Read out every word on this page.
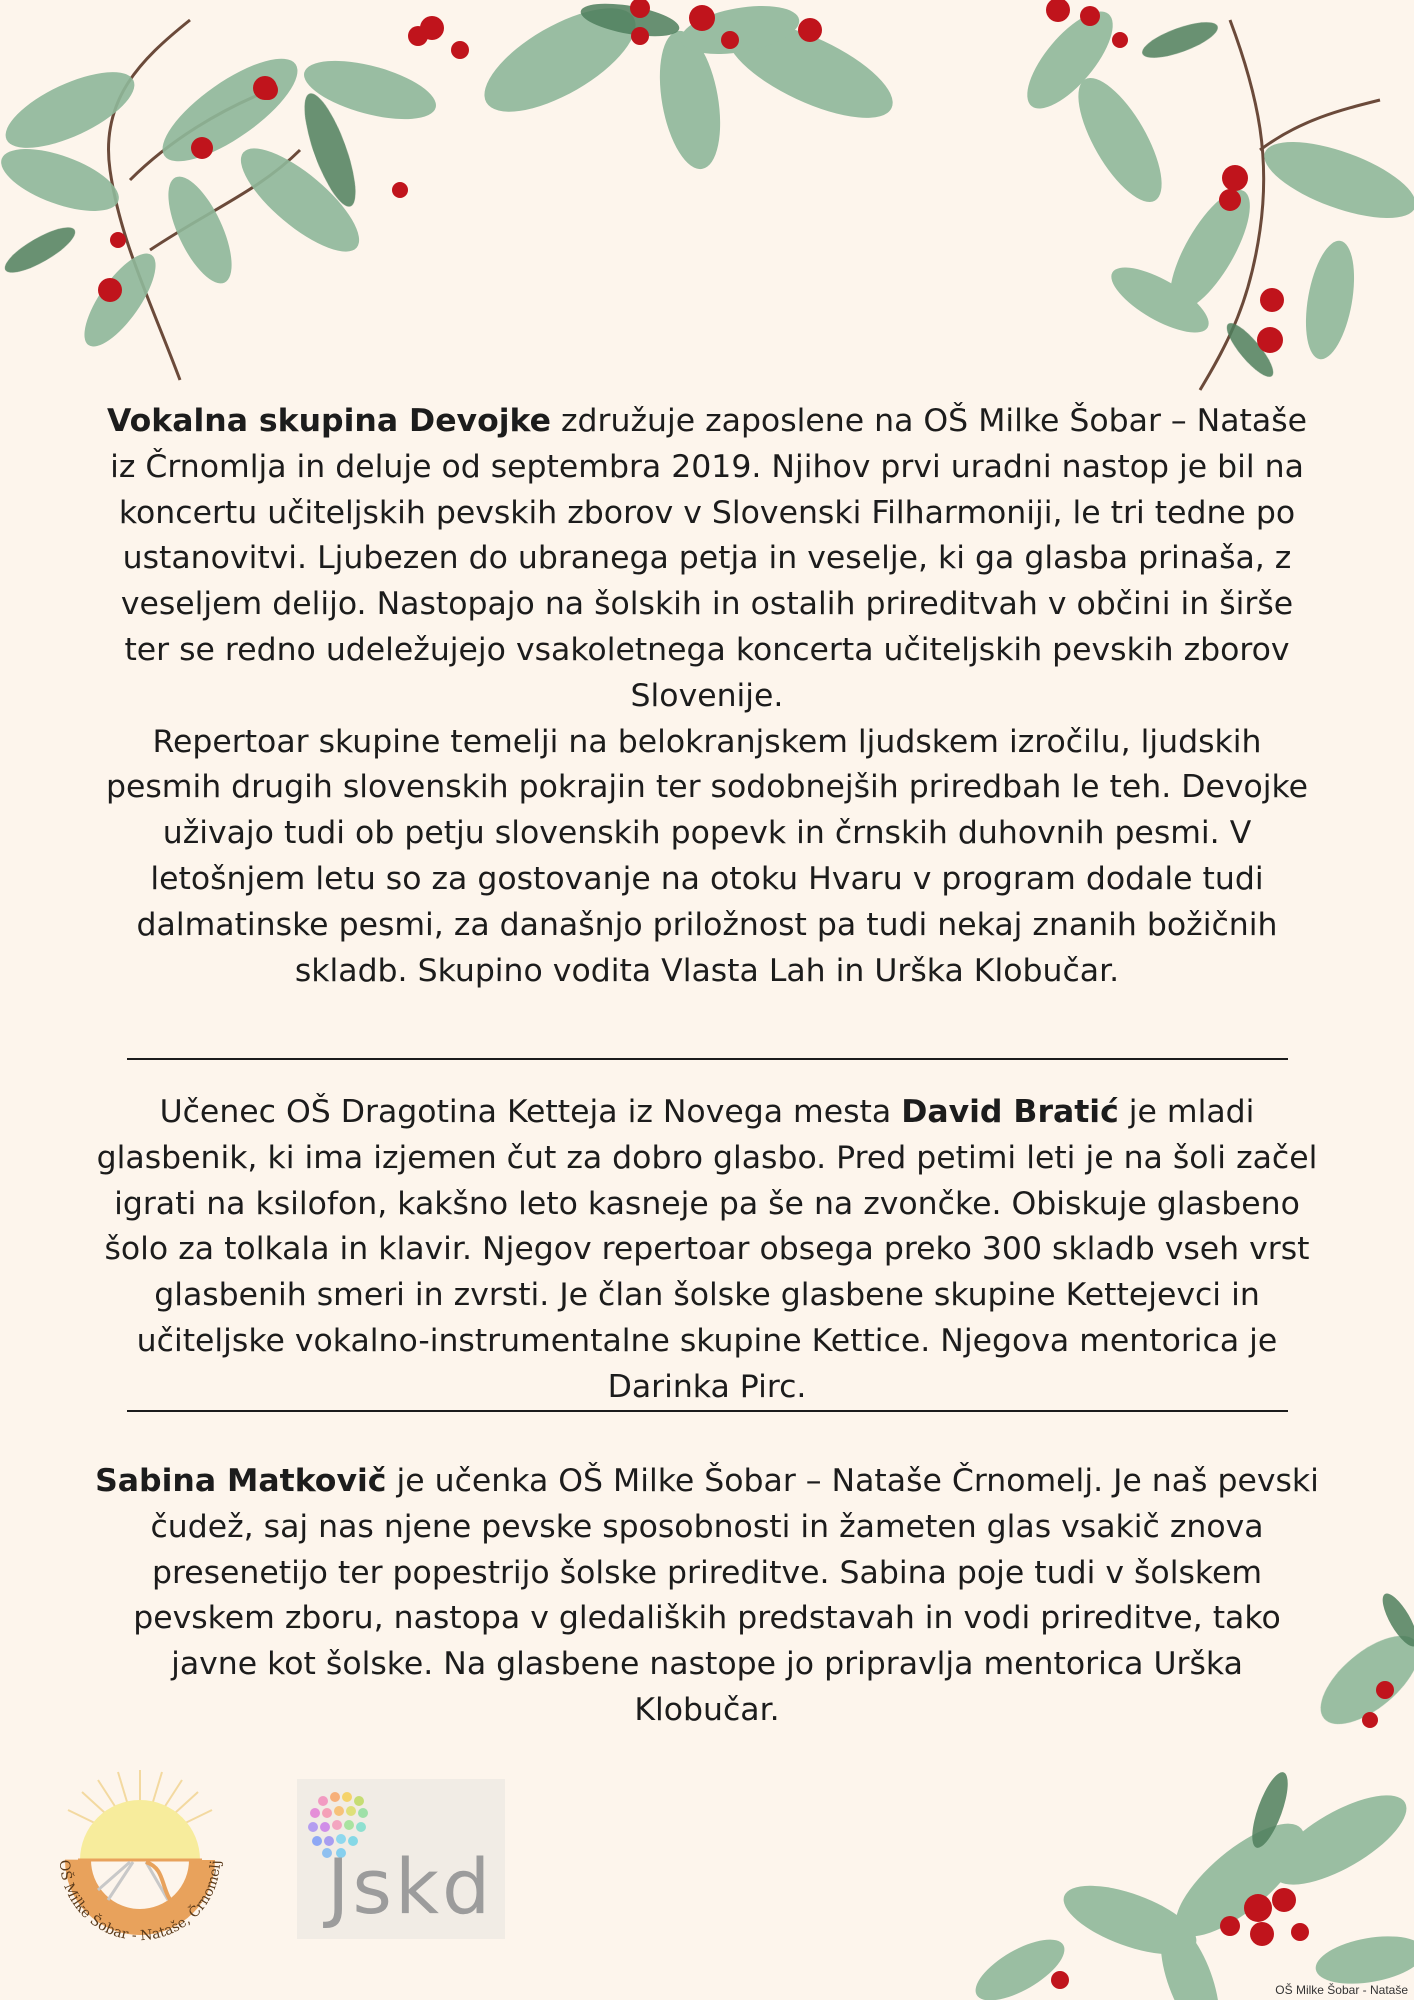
Vokalna skupina Devojke združuje zaposlene na OŠ Milke Šobar – Nataše iz Črnomlja in deluje od septembra 2019. Njihov prvi uradni nastop je bil na koncertu učiteljskih pevskih zborov v Slovenski Filharmoniji, le tri tedne po ustanovitvi. Ljubezen do ubranega petja in veselje, ki ga glasba prinaša, z veseljem delijo. Nastopajo na šolskih in ostalih prireditvah v občini in širše ter se redno udeležujejo vsakoletnega koncerta učiteljskih pevskih zborov Slovenije.

Repertoar skupine temelji na belokranjskem ljudskem izročilu, ljudskih pesmih drugih slovenskih pokrajin ter sodobnejših priredbah le teh. Devojke uživajo tudi ob petju slovenskih popevk in črnskih duhovnih pesmi. V letošnjem letu so za gostovanje na otoku Hvaru v program dodale tudi dalmatinske pesmi, za današnjo priložnost pa tudi nekaj znanih božičnih skladb. Skupino vodita Vlasta Lah in Urška Klobučar.

Učenec OŠ Dragotina Ketteja iz Novega mesta David Bratić je mladi glasbenik, ki ima izjemen čut za dobro glasbo. Pred petimi leti je na šoli začel igrati na ksilofon, kakšno leto kasneje pa še na zvončke. Obiskuje glasbeno šolo za tolkala in klavir. Njegov repertoar obsega preko 300 skladb vseh vrst glasbenih smeri in zvrsti. Je član šolske glasbene skupine Kettejevci in učiteljske vokalno-instrumentalne skupine Kettice. Njegova mentorica je Darinka Pirc.

Sabina Matkovič je učenka OŠ Milke Šobar – Nataše Črnomelj. Je naš pevski čudež, saj nas njene pevske sposobnosti in žameten glas vsakič znova presenetijo ter popestrijo šolske prireditve. Sabina poje tudi v šolskem pevskem zboru, nastopa v gledaliških predstavah in vodi prireditve, tako javne kot šolske. Na glasbene nastope jo pripravlja mentorica Urška Klobučar.

OŠ Milke Šobar - Nataše, Črnomelj Jskd
OŠ Milke Šobar - Nataše
